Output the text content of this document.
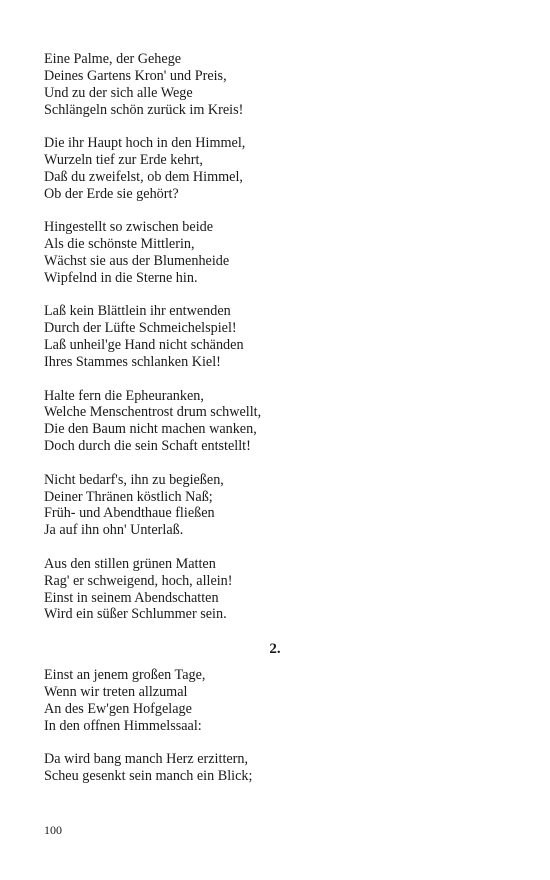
Eine Palme, der Gehege
Deines Gartens Kron' und Preis,
Und zu der sich alle Wege
Schlängeln schön zurück im Kreis!
Die ihr Haupt hoch in den Himmel,
Wurzeln tief zur Erde kehrt,
Daß du zweifelst, ob dem Himmel,
Ob der Erde sie gehört?
Hingestellt so zwischen beide
Als die schönste Mittlerin,
Wächst sie aus der Blumenheide
Wipfelnd in die Sterne hin.
Laß kein Blättlein ihr entwenden
Durch der Lüfte Schmeichelspiel!
Laß unheil'ge Hand nicht schänden
Ihres Stammes schlanken Kiel!
Halte fern die Epheuranken,
Welche Menschentrost drum schwellt,
Die den Baum nicht machen wanken,
Doch durch die sein Schaft entstellt!
Nicht bedarf's, ihn zu begießen,
Deiner Thränen köstlich Naß;
Früh- und Abendthaue fließen
Ja auf ihn ohn' Unterlaß.
Aus den stillen grünen Matten
Rag' er schweigend, hoch, allein!
Einst in seinem Abendschatten
Wird ein süßer Schlummer sein.
2.
Einst an jenem großen Tage,
Wenn wir treten allzumal
An des Ew'gen Hofgelage
In den offnen Himmelssaal:
Da wird bang manch Herz erzittern,
Scheu gesenkt sein manch ein Blick;
100
